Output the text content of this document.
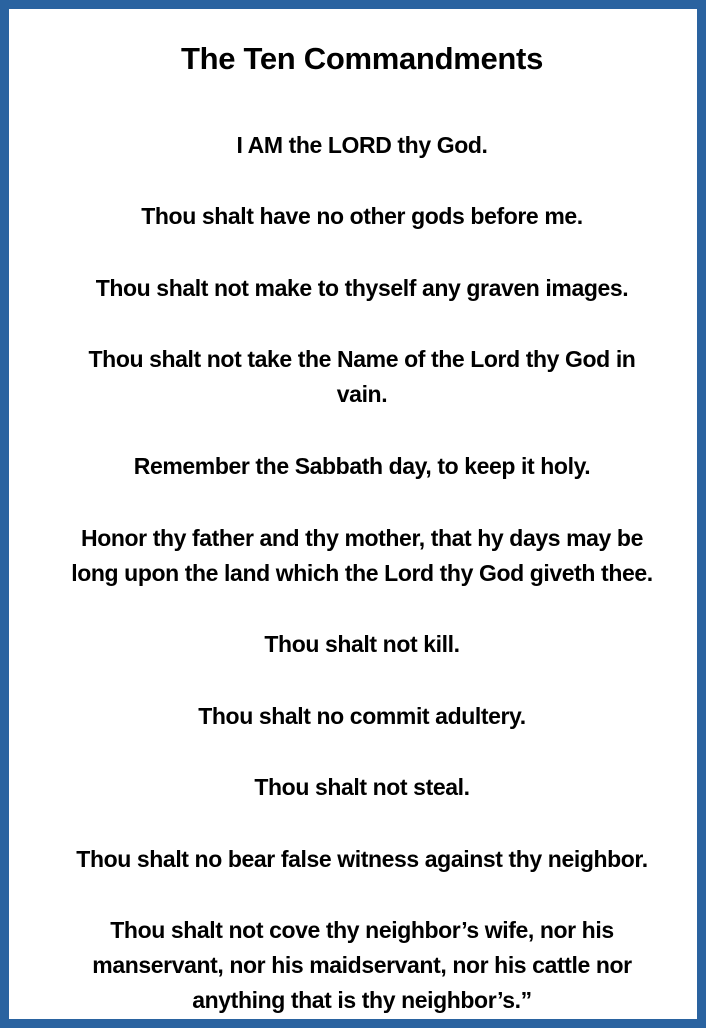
The Ten Commandments

I AM the LORD thy God.

Thou shalt have no other gods before me.

Thou shalt not make to thyself any graven images.

Thou shalt not take the Name of the Lord thy God in

vain.

Remember the Sabbath day, to keep it holy.

Honor thy father and thy mother, that hy days may be

long upon the land which the Lord thy God giveth thee.

Thou shalt not kill.

Thou shalt no commit adultery.

Thou shalt not steal.

Thou shalt no bear false witness against thy neighbor.

Thou shalt not cove thy neighbor’s wife, nor his

manservant, nor his maidservant, nor his cattle nor

anything that is thy neighbor’s.”
